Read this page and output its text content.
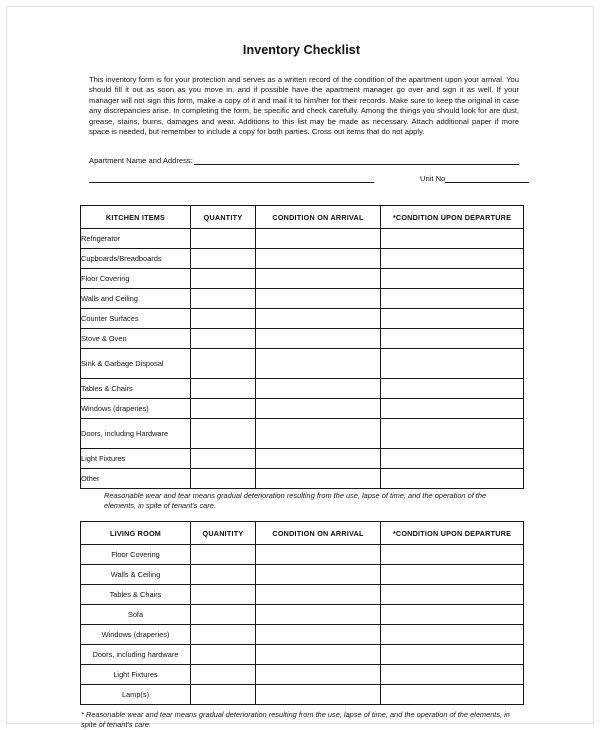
Inventory Checklist

This inventory form is for your protection and serves as a written record of the condition of the apartment upon your arrival. You should fill it out as soon as you move in, and if possible have the apartment manager go over and sign it as well. If your manager will not sign this form, make a copy of it and mail it to him/her for their records. Make sure to keep the original in case any discrepancies arise. In completing the form, be specific and check carefully. Among the things you should look for are dust, grease, stains, burns, damages and wear. Additions to this list may be made as necessary. Attach additional paper if more space is needed, but remember to include a copy for both parties. Cross out items that do not apply.

Apartment Name and Address:
Unit No
KITCHEN ITEMS	QUANTITY	CONDITION ON ARRIVAL	*CONDITION UPON DEPARTURE
Refrigerator			
Cupboards/Breadboards			
Floor Covering			
Walls and Ceiling			
Counter Surfaces			
Stove & Oven			
Sink & Garbage Disposal			
Tables & Chairs			
Windows (draperies)			
Doors, including Hardware			
Light Fixtures			
Other			
Reasonable wear and tear means gradual deterioration resulting from the use, lapse of time, and the operation of the elements, in spite of tenant's care.
LIVING ROOM	QUANITITY	CONDITION ON ARRIVAL	*CONDITION UPON DEPARTURE
Floor Covering			
Walls & Ceiling			
Tables & Chairs			
Sofa			
Windows (draperies)			
Doors, including hardware			
Light Fixtures			
Lamp(s)			
* Reasonable wear and tear means gradual deterioration resulting from the use, lapse of time, and the operation of the elements, in spite of tenant's care.
